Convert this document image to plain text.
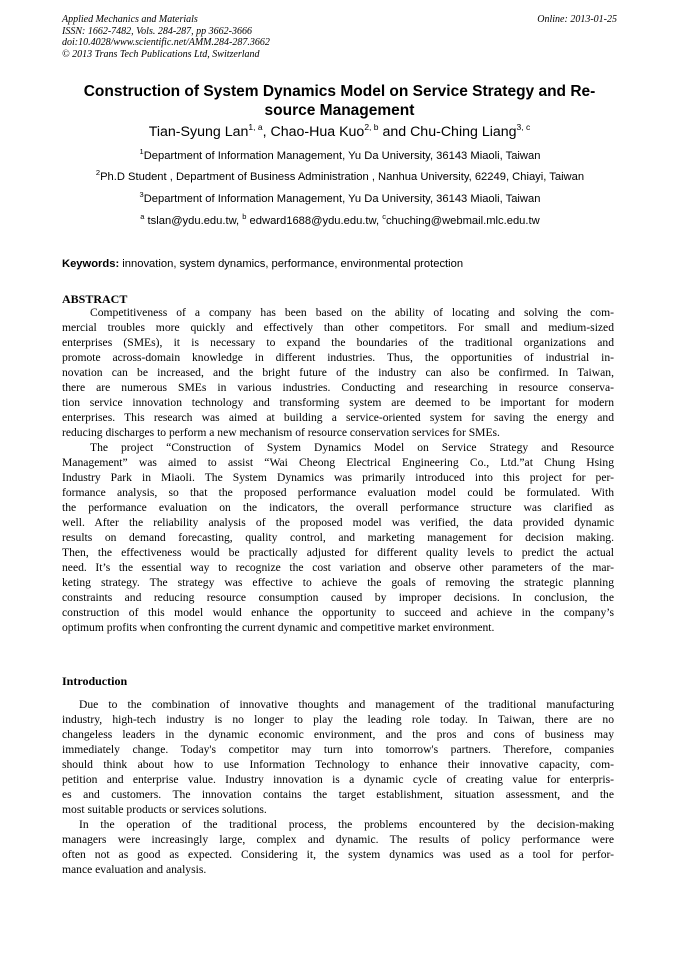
Applied Mechanics and Materials
ISSN: 1662-7482, Vols. 284-287, pp 3662-3666
doi:10.4028/www.scientific.net/AMM.284-287.3662
© 2013 Trans Tech Publications Ltd, Switzerland
Online: 2013-01-25
Construction of System Dynamics Model on Service Strategy and Re-
source Management
Tian-Syung Lan$^{1, a}$, Chao-Hua Kuo$^{2, b}$ and Chu-Ching Liang$^{3, c}$
$^1$Department of Information Management, Yu Da University, 36143 Miaoli, Taiwan
$^2$Ph.D Student , Department of Business Administration , Nanhua University, 62249, Chiayi, Taiwan
$^3$Department of Information Management, Yu Da University, 36143 Miaoli, Taiwan
$^a$ tslan@ydu.edu.tw, $^b$ edward1688@ydu.edu.tw, $^c$chuching@webmail.mlc.edu.tw
Keywords: innovation, system dynamics, performance, environmental protection
ABSTRACT
Competitiveness of a company has been based on the ability of locating and solving the com-
mercial troubles more quickly and effectively than other competitors. For small and medium-sized
enterprises (SMEs), it is necessary to expand the boundaries of the traditional organizations and
promote across-domain knowledge in different industries. Thus, the opportunities of industrial in-
novation can be increased, and the bright future of the industry can also be confirmed. In Taiwan,
there are numerous SMEs in various industries. Conducting and researching in resource conserva-
tion service innovation technology and transforming system are deemed to be important for modern
enterprises. This research was aimed at building a service-oriented system for saving the energy and
reducing discharges to perform a new mechanism of resource conservation services for SMEs.
The project “Construction of System Dynamics Model on Service Strategy and Resource
Management” was aimed to assist “Wai Cheong Electrical Engineering Co., Ltd.”at Chung Hsing
Industry Park in Miaoli. The System Dynamics was primarily introduced into this project for per-
formance analysis, so that the proposed performance evaluation model could be formulated. With
the performance evaluation on the indicators, the overall performance structure was clarified as
well. After the reliability analysis of the proposed model was verified, the data provided dynamic
results on demand forecasting, quality control, and marketing management for decision making.
Then, the effectiveness would be practically adjusted for different quality levels to predict the actual
need. It’s the essential way to recognize the cost variation and observe other parameters of the mar-
keting strategy. The strategy was effective to achieve the goals of removing the strategic planning
constraints and reducing resource consumption caused by improper decisions. In conclusion, the
construction of this model would enhance the opportunity to succeed and achieve in the company’s
optimum profits when confronting the current dynamic and competitive market environment.
Introduction
Due to the combination of innovative thoughts and management of the traditional manufacturing
industry, high-tech industry is no longer to play the leading role today. In Taiwan, there are no
changeless leaders in the dynamic economic environment, and the pros and cons of business may
immediately change. Today's competitor may turn into tomorrow's partners. Therefore, companies
should think about how to use Information Technology to enhance their innovative capacity, com-
petition and enterprise value. Industry innovation is a dynamic cycle of creating value for enterpris-
es and customers. The innovation contains the target establishment, situation assessment, and the
most suitable products or services solutions.
In the operation of the traditional process, the problems encountered by the decision-making
managers were increasingly large, complex and dynamic. The results of policy performance were
often not as good as expected. Considering it, the system dynamics was used as a tool for perfor-
mance evaluation and analysis.
